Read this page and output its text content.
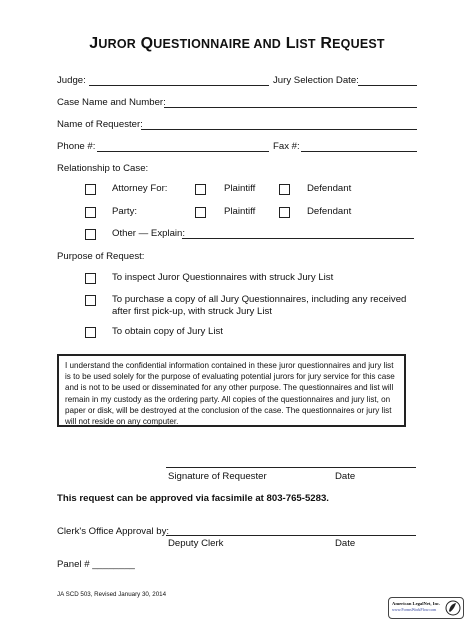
JUROR QUESTIONNAIRE AND LIST REQUEST
Judge:	Jury Selection Date:
Case Name and Number:
Name of Requester:
Phone #:	Fax #:
Relationship to Case:
Attorney For:	Plaintiff	Defendant
Party:	Plaintiff	Defendant
Other — Explain:
Purpose of Request:
To inspect Juror Questionnaires with struck Jury List
To purchase a copy of all Jury Questionnaires, including any received
after first pick-up, with struck Jury List
To obtain copy of Jury List
I understand the confidential information contained in these juror questionnaires and jury list
is to be used solely for the purpose of evaluating potential jurors for jury service for this case
and is not to be used or disseminated for any other purpose. The questionnaires and list will
remain in my custody as the ordering party. All copies of the questionnaires and jury list, on
paper or disk, will be destroyed at the conclusion of the case. The questionnaires or jury list
will not reside on any computer.
Signature of Requester	Date
This request can be approved via facsimile at 803-765-5283.
Clerk's Office Approval by:
Deputy Clerk	Date
Panel # ________
JA SCD 503, Revised January 30, 2014
American LegalNet, Inc.
www.FormsWorkFlow.com
